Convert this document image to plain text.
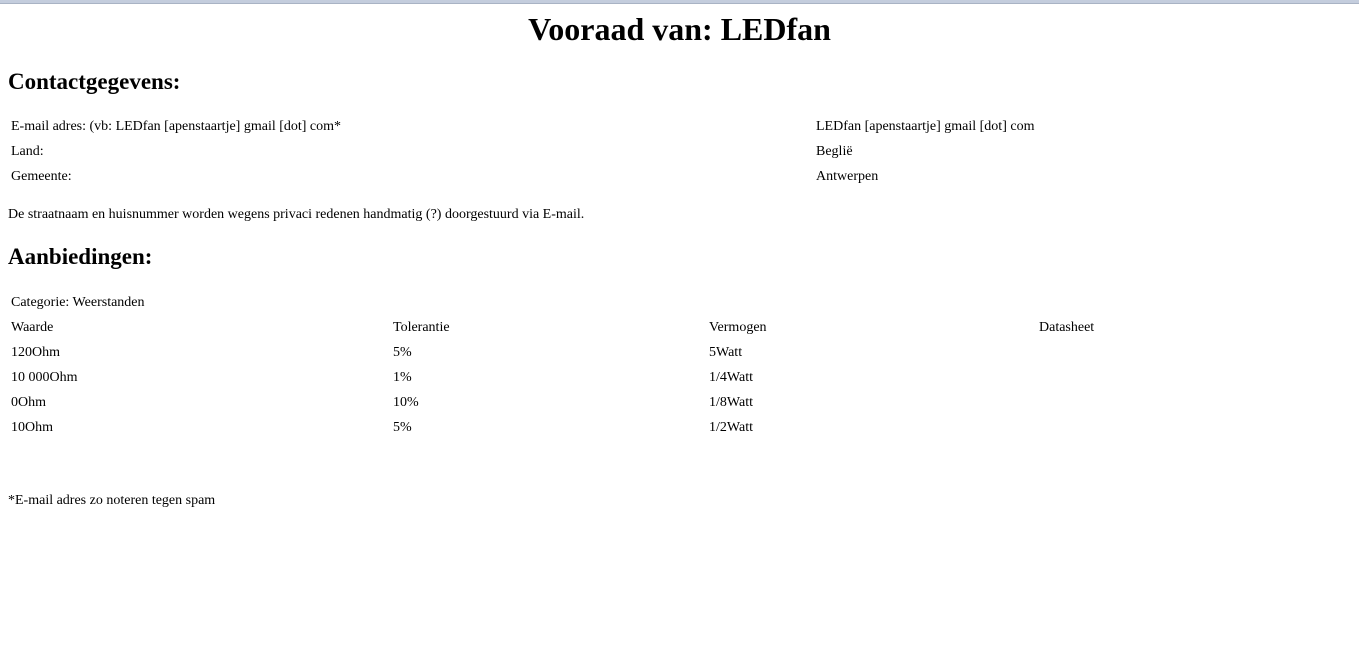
Vooraad van: LEDfan
Contactgegevens:
E-mail adres: (vb: LEDfan [apenstaartje] gmail [dot] com*	LEDfan [apenstaartje] gmail [dot] com
Land:	Beglië
Gemeente:	Antwerpen
De straatnaam en huisnummer worden wegens privaci redenen handmatig (?) doorgestuurd via E-mail.
Aanbiedingen:
Categorie: Weerstanden
Waarde	Tolerantie	Vermogen	Datasheet
120Ohm	5%	5Watt
10 000Ohm	1%	1/4Watt
0Ohm	10%	1/8Watt
10Ohm	5%	1/2Watt
*E-mail adres zo noteren tegen spam
